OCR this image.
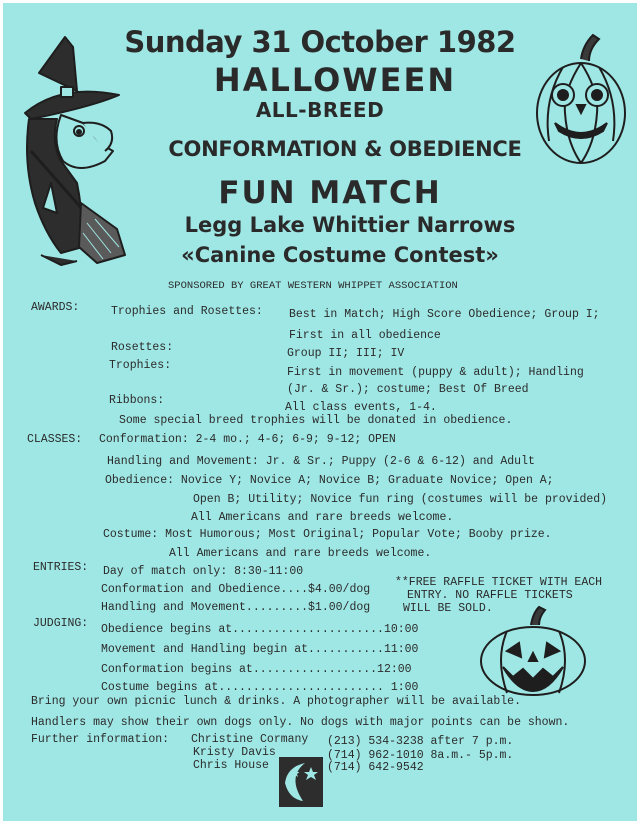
Sunday 31 October 1982
HALLOWEEN
ALL-BREED
CONFORMATION & OBEDIENCE
FUN MATCH
Legg Lake Whittier Narrows
«Canine Costume Contest»
SPONSORED BY GREAT WESTERN WHIPPET ASSOCIATION
AWARDS:	Trophies and Rosettes: Best in Match; High Score Obedience; Group I;
First in all obedience
Rosettes:	Group II; III; IV
Trophies:
First in movement (puppy & adult); Handling
(Jr. & Sr.); costume; Best Of Breed
Ribbons:
All class events, 1-4.
Some special breed trophies will be donated in obedience.
CLASSES: Conformation: 2-4 mo.; 4-6; 6-9; 9-12; OPEN
Handling and Movement: Jr. & Sr.; Puppy (2-6 & 6-12) and Adult
Obedience: Novice Y; Novice A; Novice B; Graduate Novice; Open A;
Open B; Utility; Novice fun ring (costumes will be provided)
All Americans and rare breeds welcome.
Costume: Most Humorous; Most Original; Popular Vote; Booby prize.
All Americans and rare breeds welcome.
ENTRIES: Day of match only: 8:30-11:00
Conformation and Obedience....$4.00/dog
Handling and Movement.........$1.00/dog
**FREE RAFFLE TICKET WITH EACH
ENTRY. NO RAFFLE TICKETS
WILL BE SOLD.
JUDGING: Obedience begins at......................10:00
Movement and Handling begin at...........11:00
Conformation begins at..................12:00
Costume begins at........................ 1:00
Bring your own picnic lunch & drinks. A photographer will be available.
Handlers may show their own dogs only. No dogs with major points can be shown.
Further information: Christine Cormany (213) 534-3238 after 7 p.m.
Kristy Davis	(714) 962-1010 8a.m.- 5p.m.
Chris House	(714) 642-9542
